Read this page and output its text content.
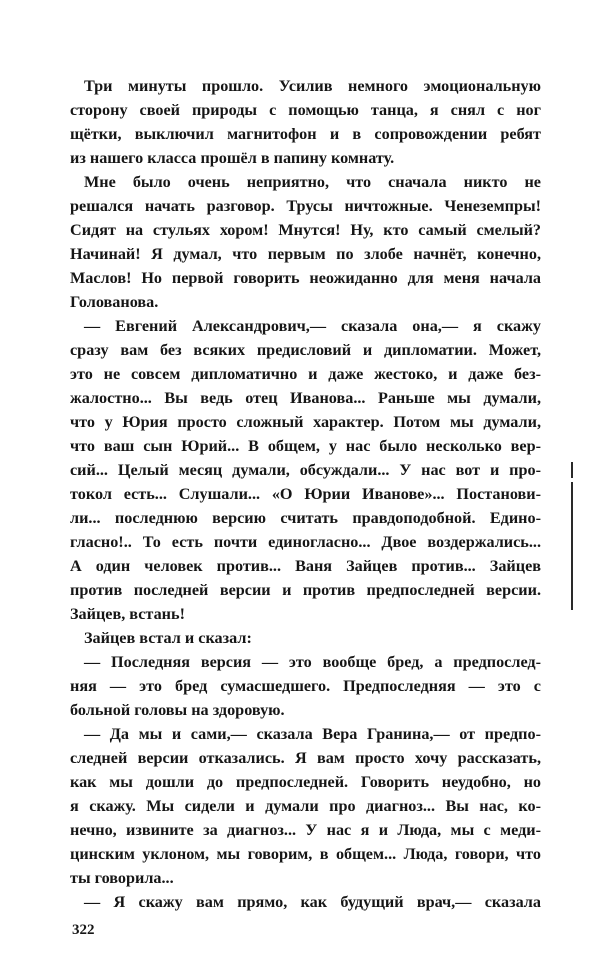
Три минуты прошло. Усилив немного эмоциональную
сторону своей природы с помощью танца, я снял с ног
щётки, выключил магнитофон и в сопровождении ребят
из нашего класса прошёл в папину комнату.
Мне было очень неприятно, что сначала никто не
решался начать разговор. Трусы ничтожные. Ченеземпры!
Сидят на стульях хором! Мнутся! Ну, кто самый смелый?
Начинай! Я думал, что первым по злобе начнёт, конечно,
Маслов! Но первой говорить неожиданно для меня начала
Голованова.
— Евгений Александрович,— сказала она,— я скажу
сразу вам без всяких предисловий и дипломатии. Может,
это не совсем дипломатично и даже жестоко, и даже без-
жалостно... Вы ведь отец Иванова... Раньше мы думали,
что у Юрия просто сложный характер. Потом мы думали,
что ваш сын Юрий... В общем, у нас было несколько вер-
сий... Целый месяц думали, обсуждали... У нас вот и про-
токол есть... Слушали... «О Юрии Иванове»... Постанови-
ли... последнюю версию считать правдоподобной. Едино-
гласно!.. То есть почти единогласно... Двое воздержались...
А один человек против... Ваня Зайцев против... Зайцев
против последней версии и против предпоследней версии.
Зайцев, встань!
Зайцев встал и сказал:
— Последняя версия — это вообще бред, а предпослед-
няя — это бред сумасшедшего. Предпоследняя — это с
больной головы на здоровую.
— Да мы и сами,— сказала Вера Гранина,— от предпо-
следней версии отказались. Я вам просто хочу рассказать,
как мы дошли до предпоследней. Говорить неудобно, но
я скажу. Мы сидели и думали про диагноз... Вы нас, ко-
нечно, извините за диагноз... У нас я и Люда, мы с меди-
цинским уклоном, мы говорим, в общем... Люда, говори, что
ты говорила...
— Я скажу вам прямо, как будущий врач,— сказала
322
